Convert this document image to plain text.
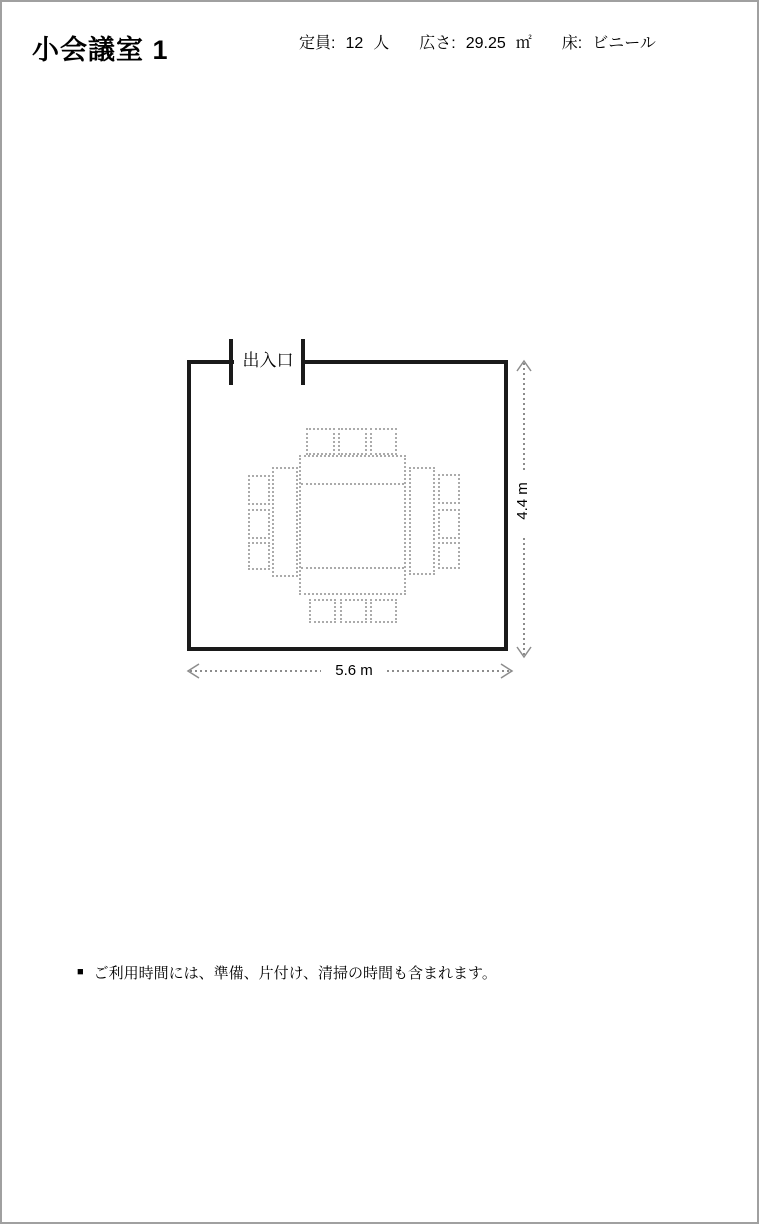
小会議室 1	定員: 12 人 広さ: 29.25 ㎡ 床: ビニール
出入口
4.4 m
5.6 m
■ ご利用時間には、準備、片付け、清掃の時間も含まれます。
